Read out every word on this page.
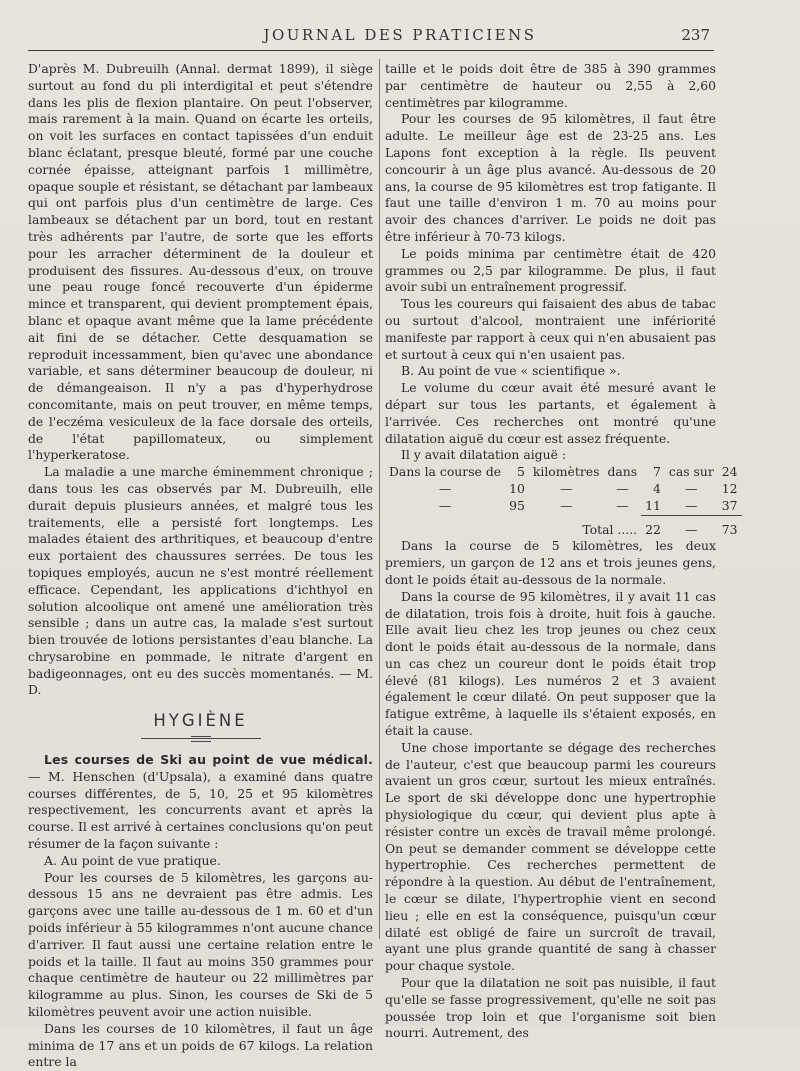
JOURNAL DES PRATICIENS	237

D'après M. Dubreuilh (Annal. dermat 1899), il siège surtout au fond du pli interdigital et peut s'étendre dans les plis de flexion plantaire. On peut l'observer, mais rarement à la main. Quand on écarte les orteils, on voit les surfaces en contact tapissées d'un enduit blanc éclatant, presque bleuté, formé par une couche cornée épaisse, atteignant parfois 1 millimètre, opaque souple et résistant, se détachant par lambeaux qui ont parfois plus d'un centimètre de large. Ces lambeaux se détachent par un bord, tout en restant très adhérents par l'autre, de sorte que les efforts pour les arracher déterminent de la douleur et produisent des fissures. Au-dessous d'eux, on trouve une peau rouge foncé recouverte d'un épiderme mince et transparent, qui devient promptement épais, blanc et opaque avant même que la lame précédente ait fini de se détacher. Cette desquamation se reproduit incessamment, bien qu'avec une abondance variable, et sans déterminer beaucoup de douleur, ni de démangeaison. Il n'y a pas d'hyperhydrose concomitante, mais on peut trouver, en même temps, de l'eczéma vesiculeux de la face dorsale des orteils, de l'état papillomateux, ou simplement l'hyperkeratose.

La maladie a une marche éminemment chronique ; dans tous les cas observés par M. Dubreuilh, elle durait depuis plusieurs années, et malgré tous les traitements, elle a persisté fort longtemps. Les malades étaient des arthritiques, et beaucoup d'entre eux portaient des chaussures serrées. De tous les topiques employés, aucun ne s'est montré réellement efficace. Cependant, les applications d'ichthyol en solution alcoolique ont amené une amélioration très sensible ; dans un autre cas, la malade s'est surtout bien trouvée de lotions persistantes d'eau blanche. La chrysarobine en pommade, le nitrate d'argent en badigeonnages, ont eu des succès momentanés. — M. D.

HYGIÈNE

Les courses de Ski au point de vue médical. — M. Henschen (d'Upsala), a examiné dans quatre courses différentes, de 5, 10, 25 et 95 kilomètres respectivement, les concurrents avant et après la course. Il est arrivé à certaines conclusions qu'on peut résumer de la façon suivante :

A. Au point de vue pratique.

Pour les courses de 5 kilomètres, les garçons au-dessous 15 ans ne devraient pas être admis. Les garçons avec une taille au-dessous de 1 m. 60 et d'un poids inférieur à 55 kilogrammes n'ont aucune chance d'arriver. Il faut aussi une certaine relation entre le poids et la taille. Il faut au moins 350 grammes pour chaque centimètre de hauteur ou 22 millimètres par kilogramme au plus. Sinon, les courses de Ski de 5 kilomètres peuvent avoir une action nuisible.

Dans les courses de 10 kilomètres, il faut un âge minima de 17 ans et un poids de 67 kilogs. La relation entre la

taille et le poids doit être de 385 à 390 grammes par centimètre de hauteur ou 2,55 à 2,60 centimètres par kilogramme.

Pour les courses de 95 kilomètres, il faut être adulte. Le meilleur âge est de 23-25 ans. Les Lapons font exception à la règle. Ils peuvent concourir à un âge plus avancé. Au-dessous de 20 ans, la course de 95 kilomètres est trop fatigante. Il faut une taille d'environ 1 m. 70 au moins pour avoir des chances d'arriver. Le poids ne doit pas être inférieur à 70-73 kilogs.

Le poids minima par centimètre était de 420 grammes ou 2,5 par kilogramme. De plus, il faut avoir subi un entraînement progressif.

Tous les coureurs qui faisaient des abus de tabac ou surtout d'alcool, montraient une infériorité manifeste par rapport à ceux qui n'en abusaient pas et surtout à ceux qui n'en usaient pas.

B. Au point de vue « scientifique ».

Le volume du cœur avait été mesuré avant le départ sur tous les partants, et également à l'arrivée. Ces recherches ont montré qu'une dilatation aiguë du cœur est assez fréquente.

Il y avait dilatation aiguë :

Dans la course de	5	kilomètres	dans	7	cas sur	24
—	10	—	—	4	—	12
—	95	—	—	11	—	37

Total .....				22	—	73

Dans la course de 5 kilomètres, les deux premiers, un garçon de 12 ans et trois jeunes gens, dont le poids était au-dessous de la normale.

Dans la course de 95 kilomètres, il y avait 11 cas de dilatation, trois fois à droite, huit fois à gauche. Elle avait lieu chez les trop jeunes ou chez ceux dont le poids était au-dessous de la normale, dans un cas chez un coureur dont le poids était trop élevé (81 kilogs). Les numéros 2 et 3 avaient également le cœur dilaté. On peut supposer que la fatigue extrême, à laquelle ils s'étaient exposés, en était la cause.

Une chose importante se dégage des recherches de l'auteur, c'est que beaucoup parmi les coureurs avaient un gros cœur, surtout les mieux entraînés. Le sport de ski développe donc une hypertrophie physiologique du cœur, qui devient plus apte à résister contre un excès de travail même prolongé. On peut se demander comment se développe cette hypertrophie. Ces recherches permettent de répondre à la question. Au début de l'entraînement, le cœur se dilate, l'hypertrophie vient en second lieu ; elle en est la conséquence, puisqu'un cœur dilaté est obligé de faire un surcroît de travail, ayant une plus grande quantité de sang à chasser pour chaque systole.

Pour que la dilatation ne soit pas nuisible, il faut qu'elle se fasse progressivement, qu'elle ne soit pas poussée trop loin et que l'organisme soit bien nourri. Autrement, des
